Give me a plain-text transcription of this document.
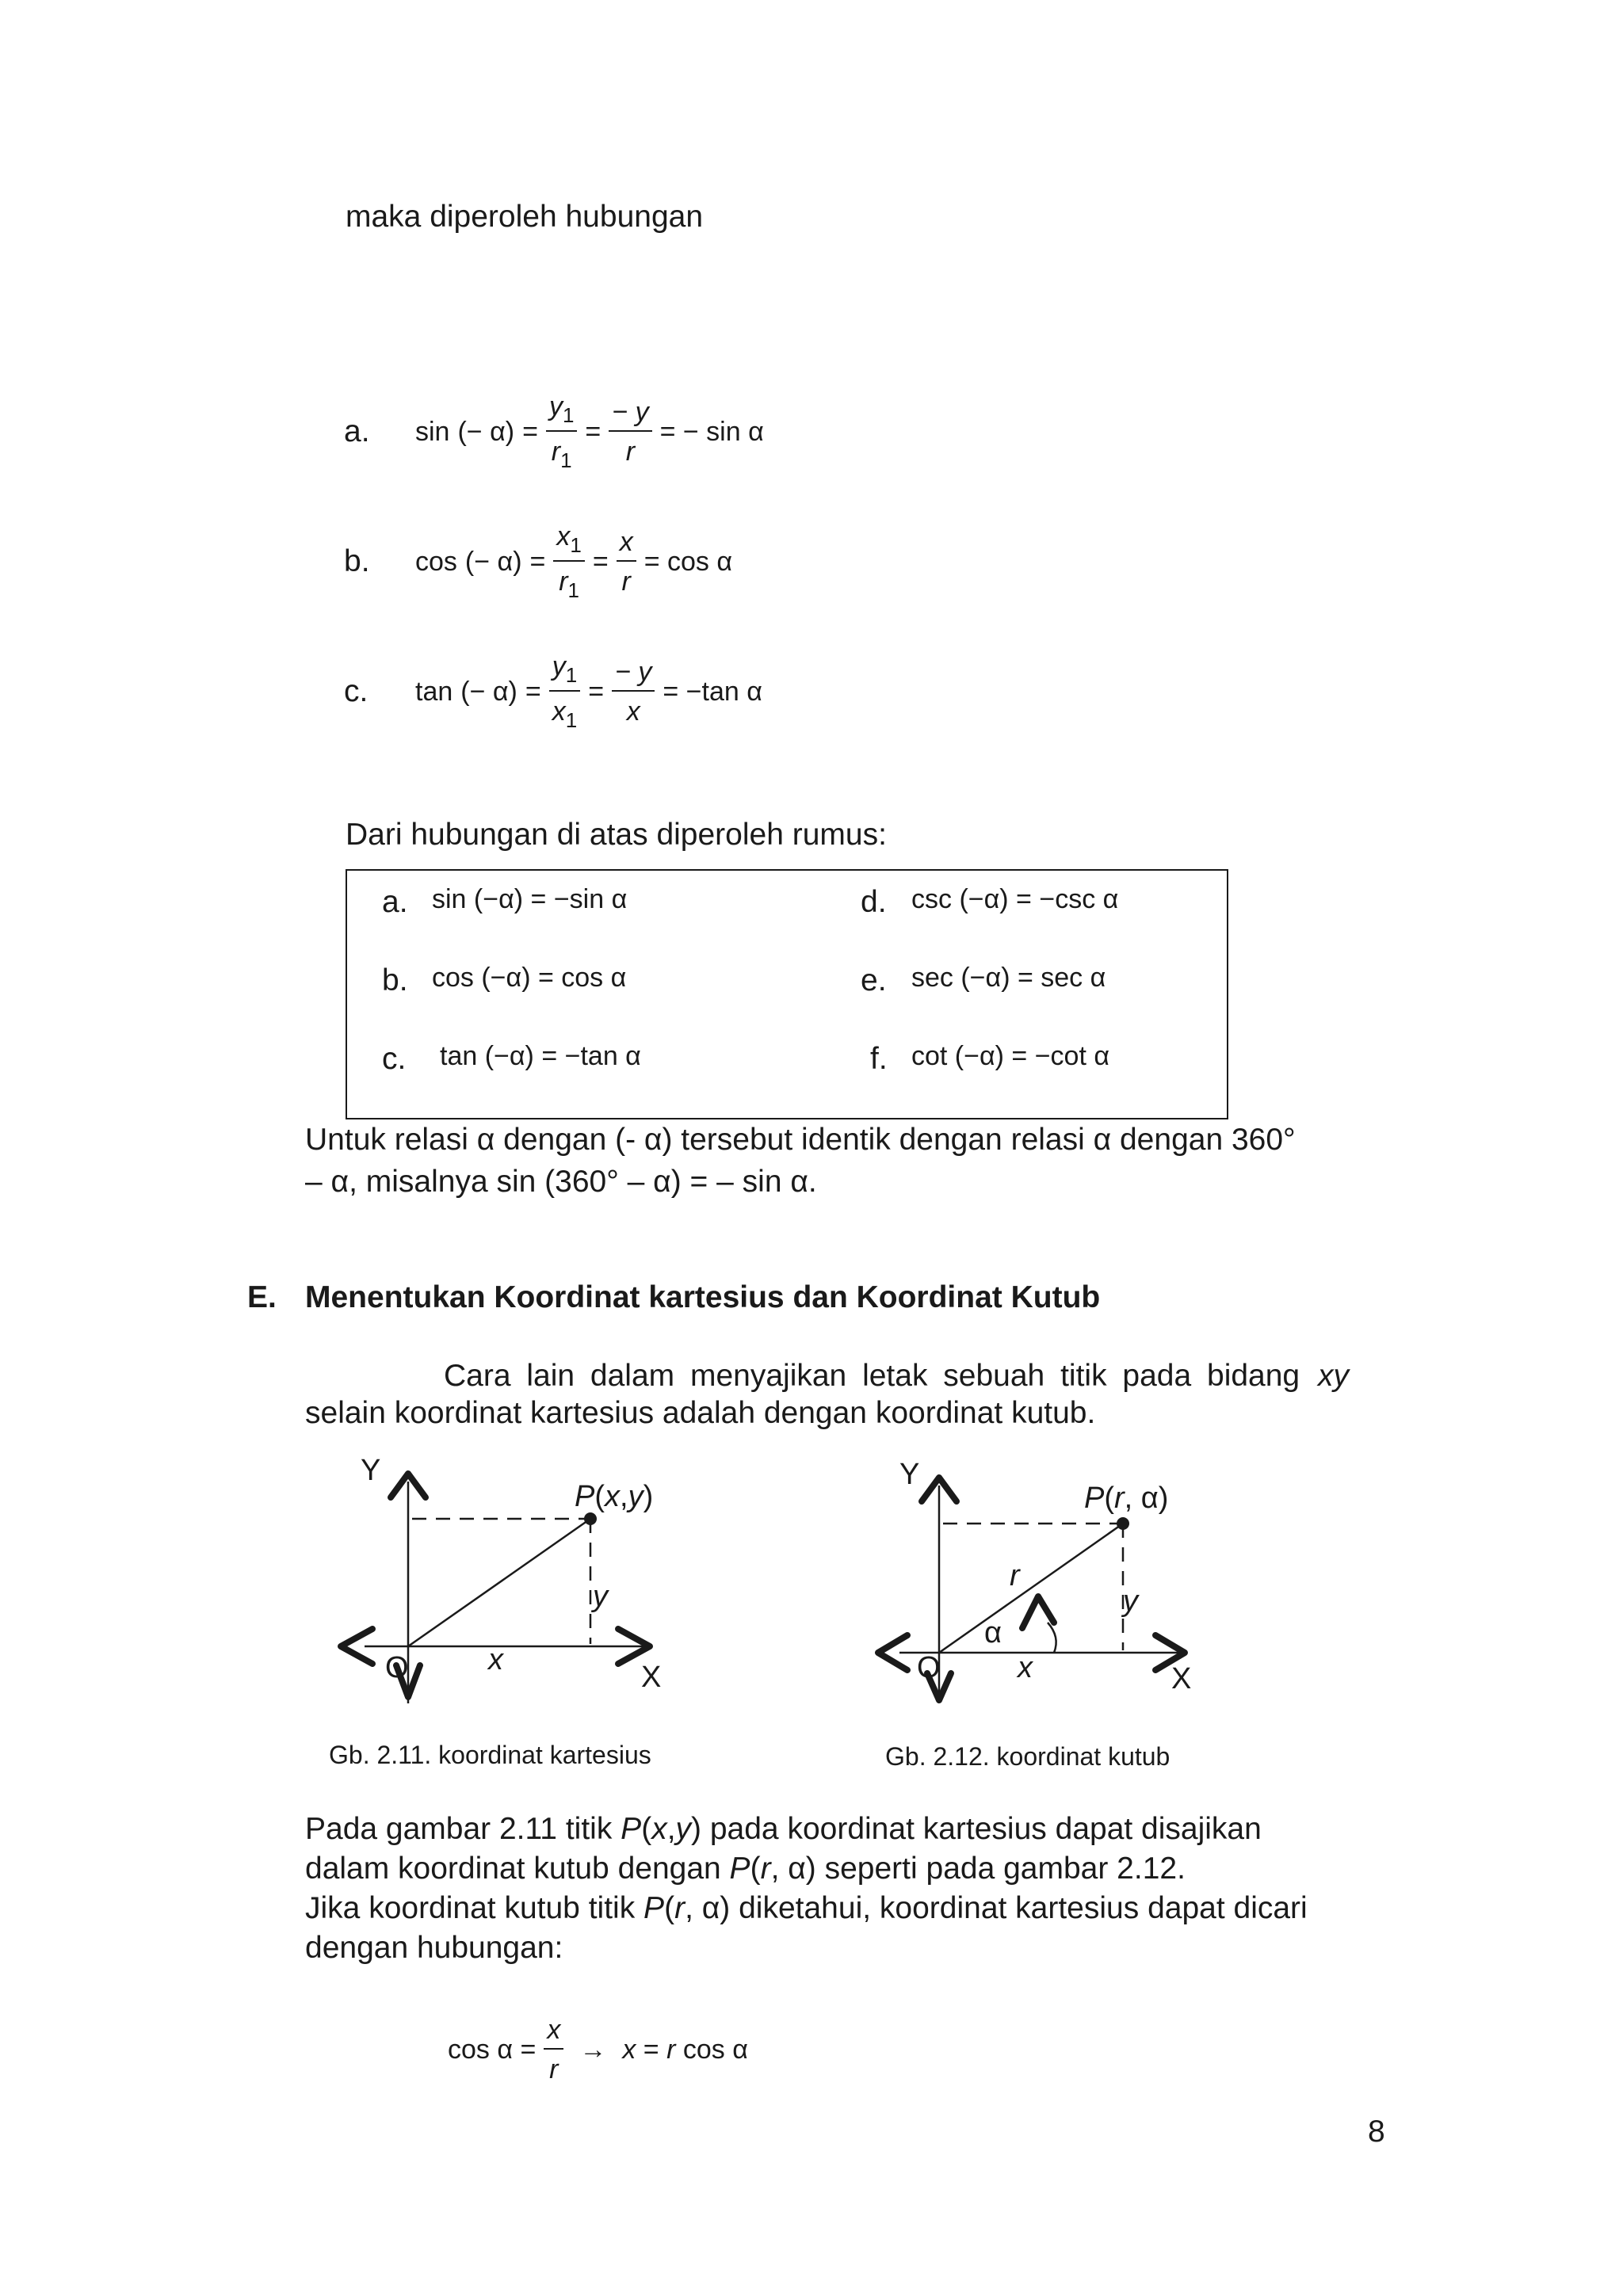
maka diperoleh hubungan
a.	sin (− $\alpha) = \frac{y_1}{r_1} = \frac{- y}{r}$ = − sin α
b.	cos (− $\alpha) = \frac{x_1}{r_1} = \frac{x}{r} = \cos \alpha$
c.	tan (− $\alpha) = \frac{y_1}{x_1} = \frac{- y}{x} = -\tan$ α
Dari hubungan di atas diperoleh rumus:
a. sin (−α) = −sin α
b. cos (−α) = cos α
c. tan (−α) = −tan α
d. csc (−α) = −csc α
e. sec (−α) = sec α
f. cot (−α) = −cot α
Untuk relasi α dengan (- α) tersebut identik dengan relasi α dengan 360°
– α, misalnya sin (360° – α) = – sin α.
E. Menentukan Koordinat kartesius dan Koordinat Kutub
Cara lain dalam menyajikan letak sebuah titik pada bidang xy
selain koordinat kartesius adalah dengan koordinat kutub.
Y
P(x,y)
y
O	x
X
Gb. 2.11. koordinat kartesius
Y
P(r, α)
r
y
α
O	x	X
Gb. 2.12. koordinat kutub
Pada gambar 2.11 titik P(x,y) pada koordinat kartesius dapat disajikan
dalam koordinat kutub dengan P(r, α) seperti pada gambar 2.12.
Jika koordinat kutub titik P(r, α) diketahui, koordinat kartesius dapat dicari
dengan hubungan:
$\cos \alpha = \frac{x}{r} \to x = r$ cos α
8
